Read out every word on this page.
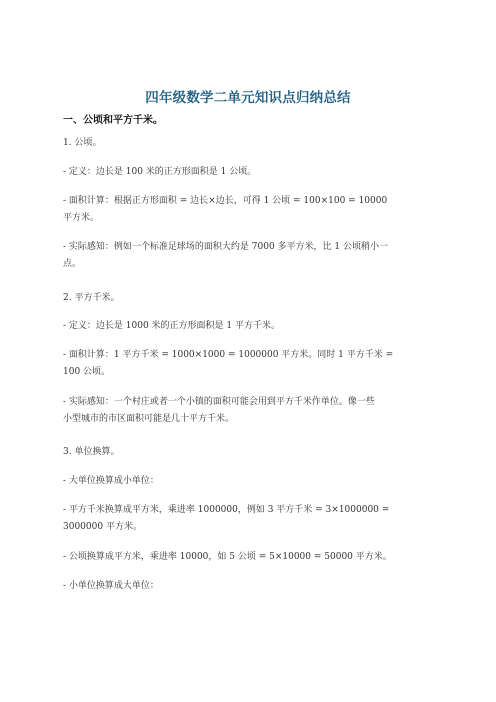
四年级数学二单元知识点归纳总结
一、公顷和平方千米。
1. 公顷。
- 定义：边长是 100 米的正方形面积是 1 公顷。
- 面积计算：根据正方形面积 = 边长×边长，可得 1 公顷 = 100×100 = 10000
平方米。
- 实际感知：例如一个标准足球场的面积大约是 7000 多平方米，比 1 公顷稍小一
点。
2. 平方千米。
- 定义：边长是 1000 米的正方形面积是 1 平方千米。
- 面积计算：1 平方千米 = 1000×1000 = 1000000 平方米。同时 1 平方千米 =
100 公顷。
- 实际感知：一个村庄或者一个小镇的面积可能会用到平方千米作单位。像一些
小型城市的市区面积可能是几十平方千米。
3. 单位换算。
- 大单位换算成小单位：
- 平方千米换算成平方米，乘进率 1000000，例如 3 平方千米 = 3×1000000 =
3000000 平方米。
- 公顷换算成平方米，乘进率 10000，如 5 公顷 = 5×10000 = 50000 平方米。
- 小单位换算成大单位：
